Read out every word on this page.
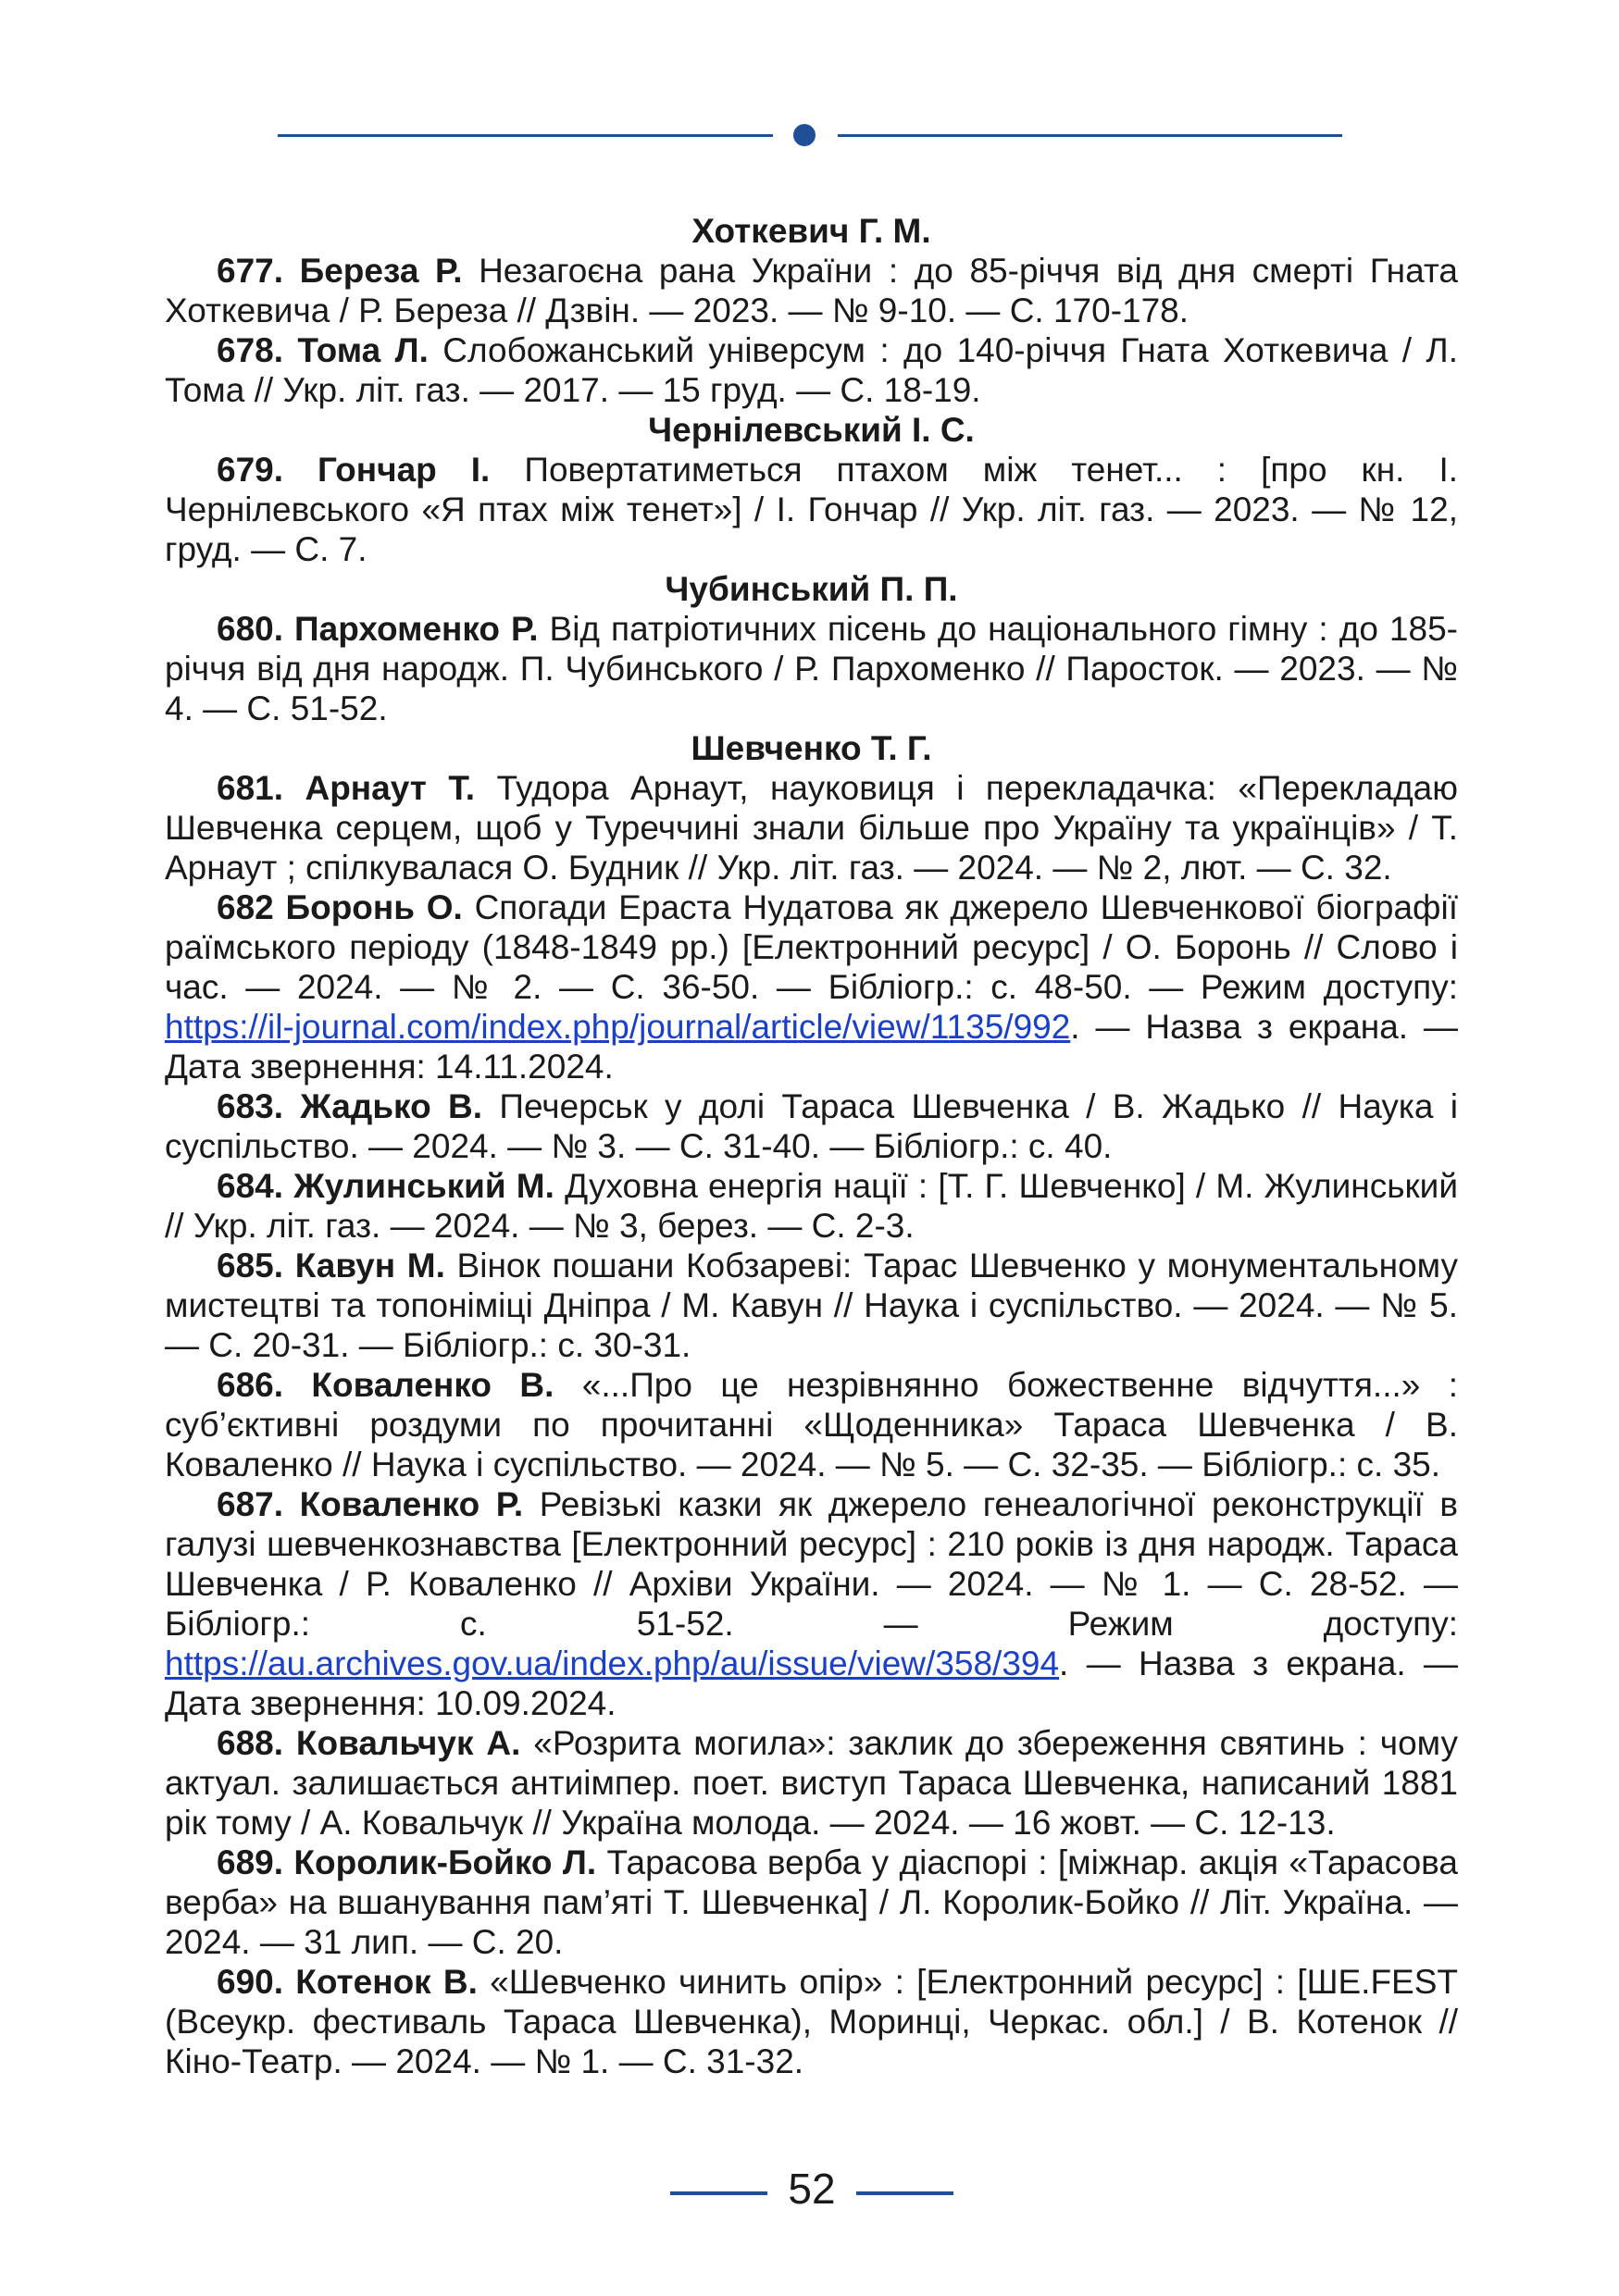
Хоткевич Г. М.

677. Береза Р. Незагоєна рана України : до 85-річчя від дня смерті Гната Хоткевича / Р. Береза // Дзвін. — 2023. — № 9-10. — С. 170-178.

678. Тома Л. Слобожанський універсум : до 140-річчя Гната Хоткевича / Л. Тома // Укр. літ. газ. — 2017. — 15 груд. — С. 18-19.

Чернілевський І. С.

679. Гончар І. Повертатиметься птахом між тенет... : [про кн. І. Чернілевського «Я птах між тенет»] / І. Гончар // Укр. літ. газ. — 2023. — № 12, груд. — С. 7.

Чубинський П. П.

680. Пархоменко Р. Від патріотичних пісень до національного гімну : до 185-річчя від дня народж. П. Чубинського / Р. Пархоменко // Паросток. — 2023. — № 4. — С. 51-52.

Шевченко Т. Г.

681. Арнаут Т. Тудора Арнаут, науковиця і перекладачка: «Перекладаю Шевченка серцем, щоб у Туреччині знали більше про Україну та українців» / Т. Арнаут ; спілкувалася О. Будник // Укр. літ. газ. — 2024. — № 2, лют. — С. 32.

682 Боронь О. Спогади Ераста Нудатова як джерело Шевченкової біографії раїмського періоду (1848-1849 рр.) [Електронний ресурс] / О. Боронь // Слово і час. — 2024. — № 2. — С. 36-50. — Бібліогр.: с. 48-50. — Режим доступу: https://il-journal.com/index.php/journal/article/view/1135/992. — Назва з екрана. — Дата звернення: 14.11.2024.

683. Жадько В. Печерськ у долі Тараса Шевченка / В. Жадько // Наука і суспільство. — 2024. — № 3. — С. 31-40. — Бібліогр.: с. 40.

684. Жулинський М. Духовна енергія нації : [Т. Г. Шевченко] / М. Жулинський // Укр. літ. газ. — 2024. — № 3, берез. — С. 2-3.

685. Кавун М. Вінок пошани Кобзареві: Тарас Шевченко у монументальному мистецтві та топоніміці Дніпра / М. Кавун // Наука і суспільство. — 2024. — № 5. — С. 20-31. — Бібліогр.: с. 30-31.

686. Коваленко В. «...Про це незрівнянно божественне відчуття...» : суб’єктивні роздуми по прочитанні «Щоденника» Тараса Шевченка / В. Коваленко // Наука і суспільство. — 2024. — № 5. — С. 32-35. — Бібліогр.: с. 35.

687. Коваленко Р. Ревізькі казки як джерело генеалогічної реконструкції в галузі шевченкознавства [Електронний ресурс] : 210 років із дня народж. Тараса Шевченка / Р. Коваленко // Архіви України. — 2024. — № 1. — С. 28-52. — Бібліогр.: с. 51-52. — Режим доступу: https://au.archives.gov.ua/index.php/au/issue/view/358/394. — Назва з екрана. — Дата звернення: 10.09.2024.

688. Ковальчук А. «Розрита могила»: заклик до збереження святинь : чому актуал. залишається антиімпер. поет. виступ Тараса Шевченка, написаний 1881 рік тому / А. Ковальчук // Україна молода. — 2024. — 16 жовт. — С. 12-13.

689. Королик-Бойко Л. Тарасова верба у діаспорі : [міжнар. акція «Тарасова верба» на вшанування пам’яті Т. Шевченка] / Л. Королик-Бойко // Літ. Україна. — 2024. — 31 лип. — С. 20.

690. Котенок В. «Шевченко чинить опір» : [Електронний ресурс] : [ШЕ.FEST (Всеукр. фестиваль Тараса Шевченка), Моринці, Черкас. обл.] / В. Котенок // Кіно-Театр. — 2024. — № 1. — С. 31-32.

52
